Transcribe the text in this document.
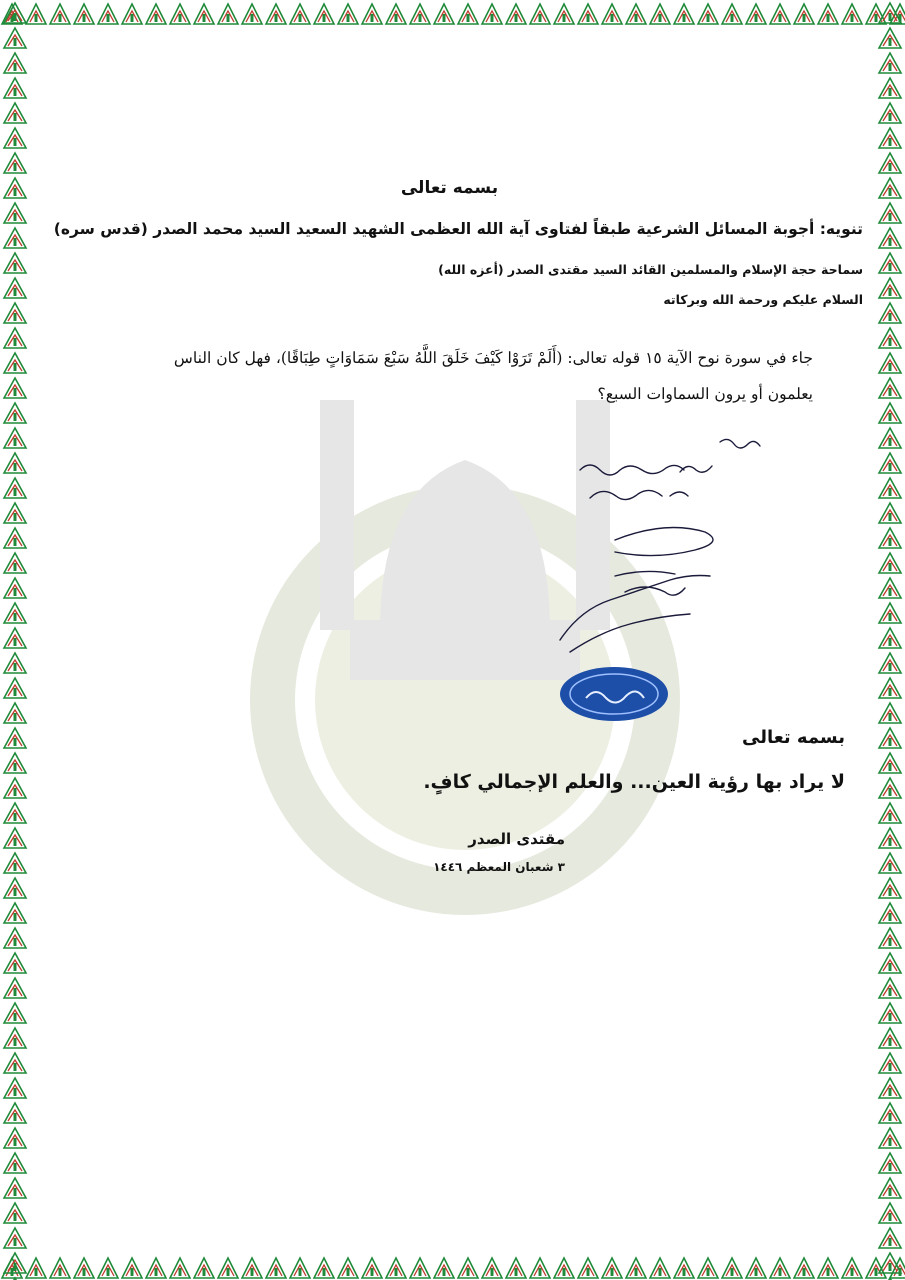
بسمه تعالى
تنويه: أجوبة المسائل الشرعية طبقاً لفتاوى آية الله العظمى الشهيد السعيد السيد محمد الصدر (قدس سره)
سماحة حجة الإسلام والمسلمين القائد السيد مقتدى الصدر (أعزه الله)
السلام عليكم ورحمة الله وبركاته
جاء في سورة نوح الآية ١٥ قوله تعالى: (أَلَمْ تَرَوْا كَيْفَ خَلَقَ اللَّهُ سَبْعَ سَمَاوَاتٍ طِبَاقًا)، فهل كان الناس يعلمون أو يرون السماوات السبع؟
بسمه تعالى
لا يراد بها رؤية العين... والعلم الإجمالي كافٍ.
مقتدى الصدر
٣ شعبان المعظم ١٤٤٦
